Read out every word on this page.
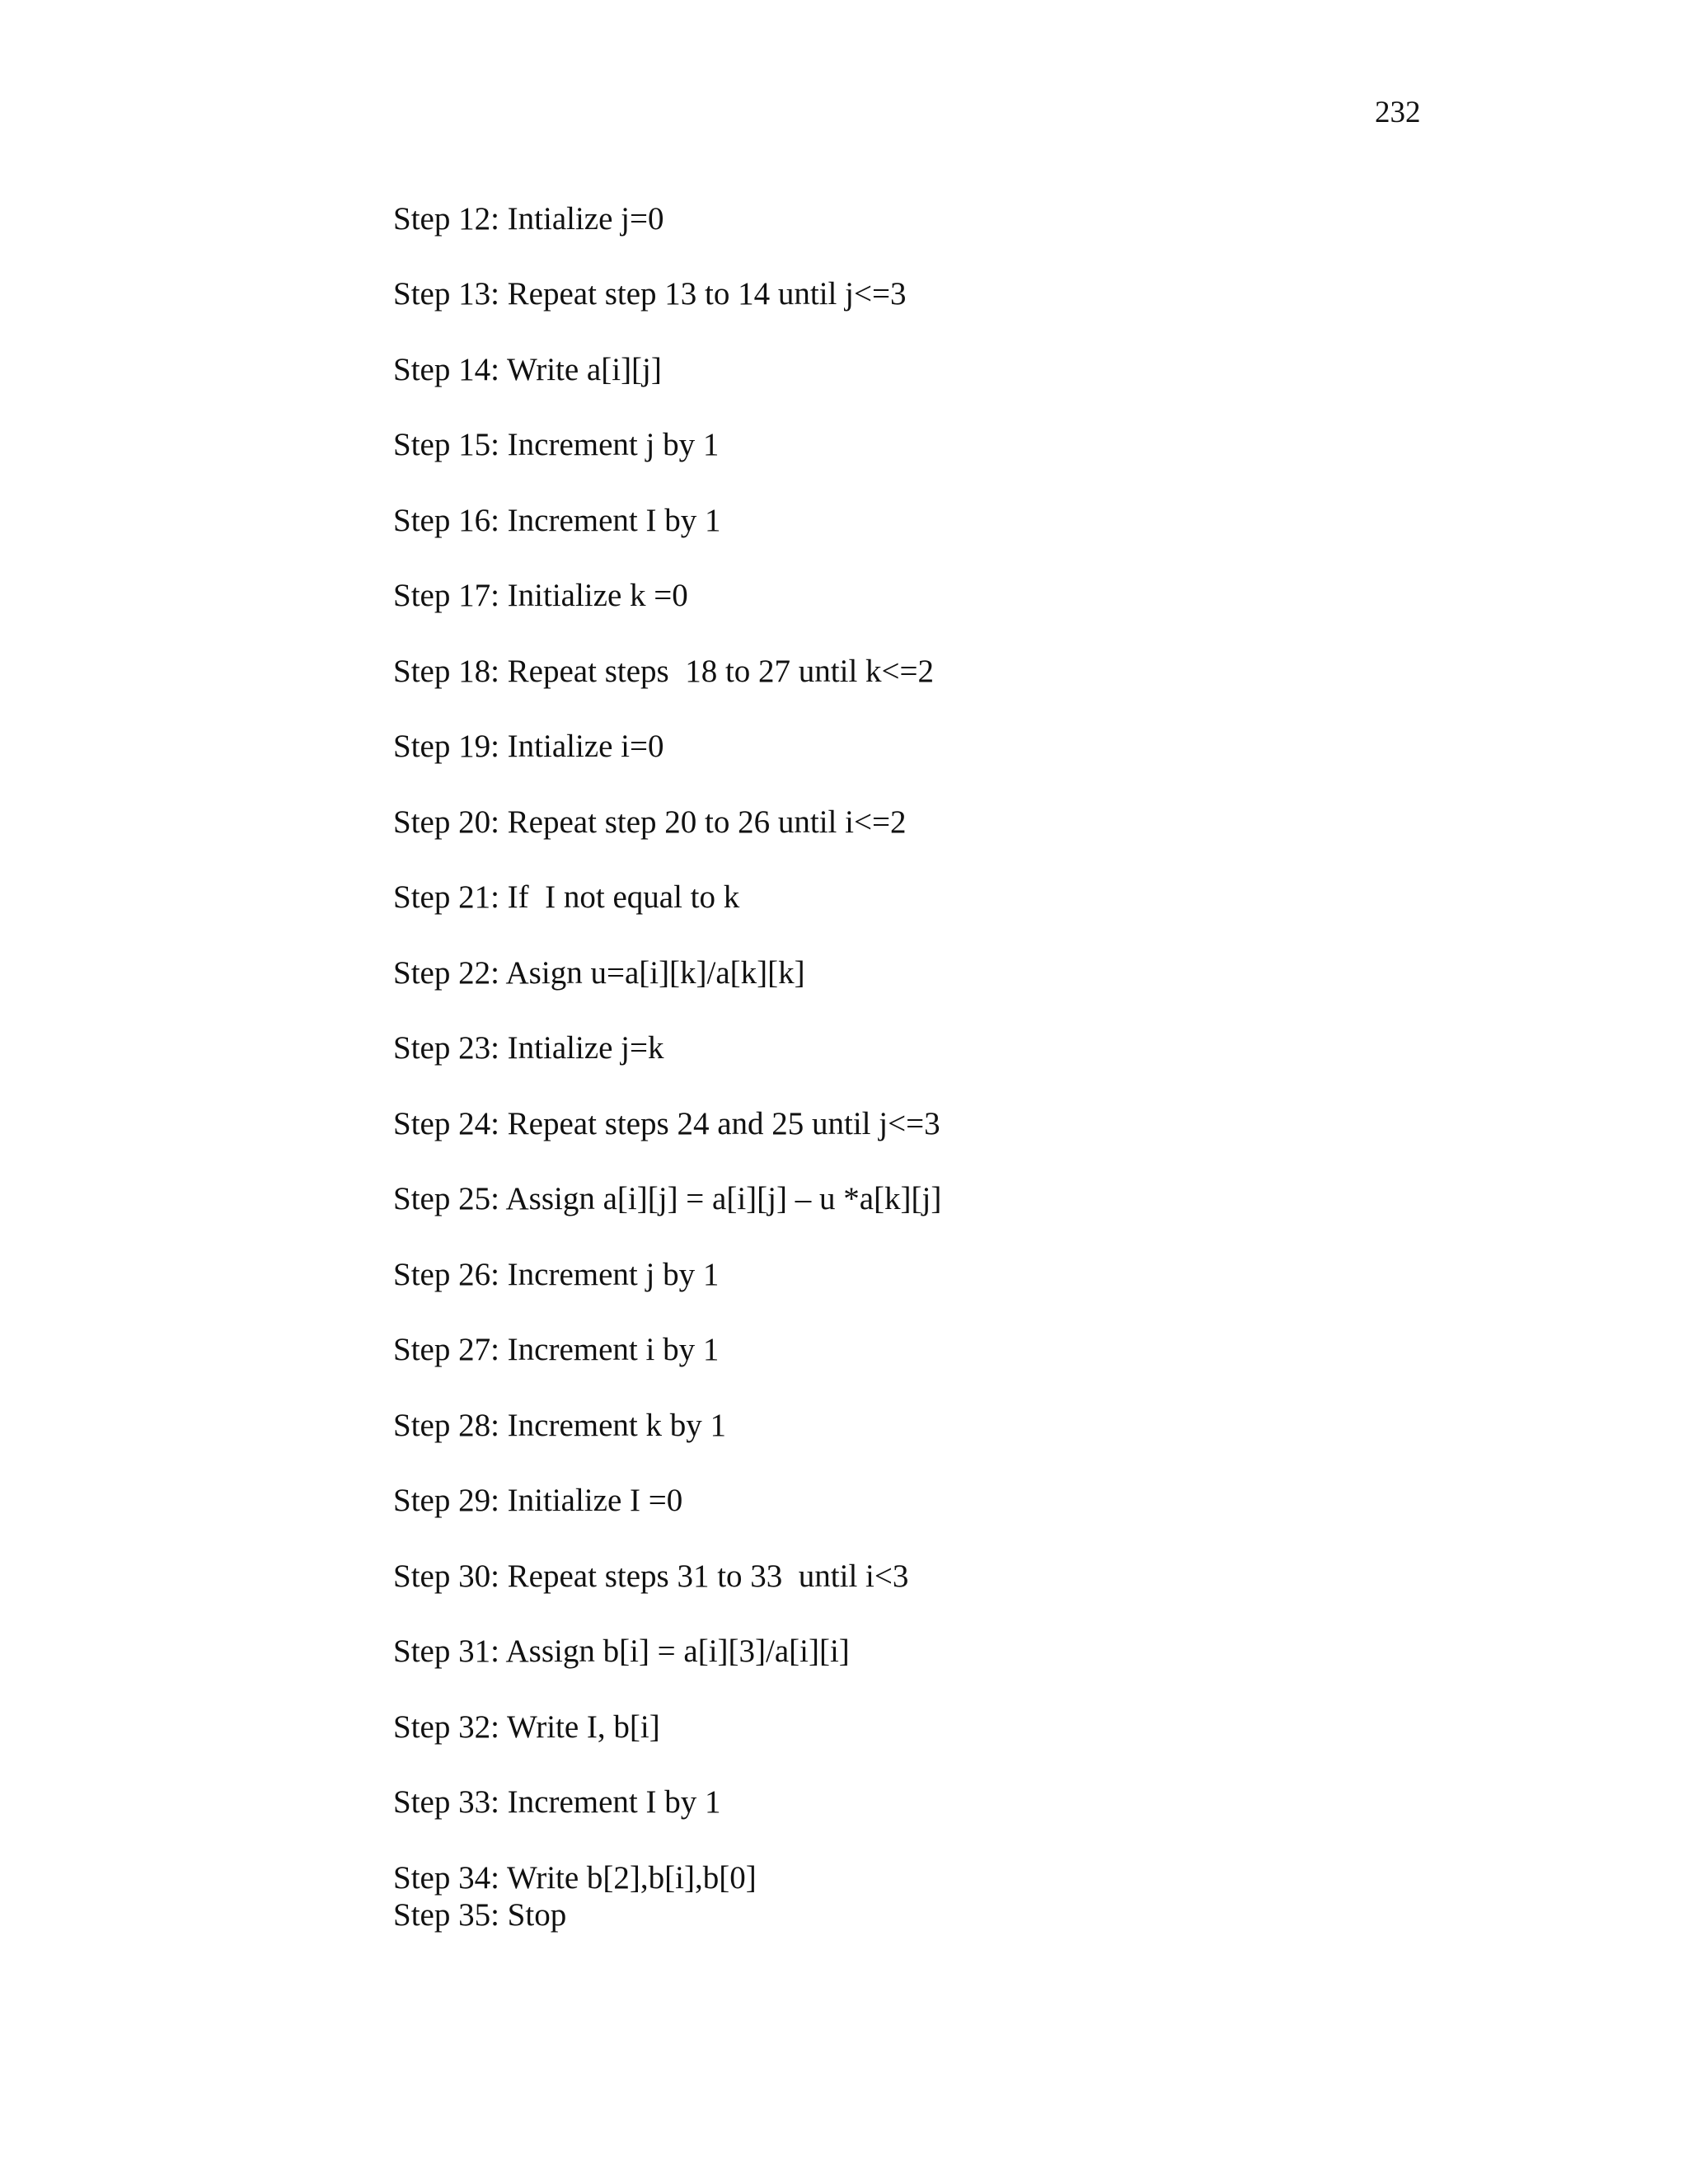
232
Step 12: Intialize j=0
Step 13: Repeat step 13 to 14 until j<=3
Step 14: Write a[i][j]
Step 15: Increment j by 1
Step 16: Increment I by 1
Step 17: Initialize k =0
Step 18: Repeat steps  18 to 27 until k<=2
Step 19: Intialize i=0
Step 20: Repeat step 20 to 26 until i<=2
Step 21: If  I not equal to k
Step 22: Asign u=a[i][k]/a[k][k]
Step 23: Intialize j=k
Step 24: Repeat steps 24 and 25 until j<=3
Step 25: Assign a[i][j] = a[i][j] – u *a[k][j]
Step 26: Increment j by 1
Step 27: Increment i by 1
Step 28: Increment k by 1
Step 29: Initialize I =0
Step 30: Repeat steps 31 to 33  until i<3
Step 31: Assign b[i] = a[i][3]/a[i][i]
Step 32: Write I, b[i]
Step 33: Increment I by 1
Step 34: Write b[2],b[i],b[0]
Step 35: Stop
